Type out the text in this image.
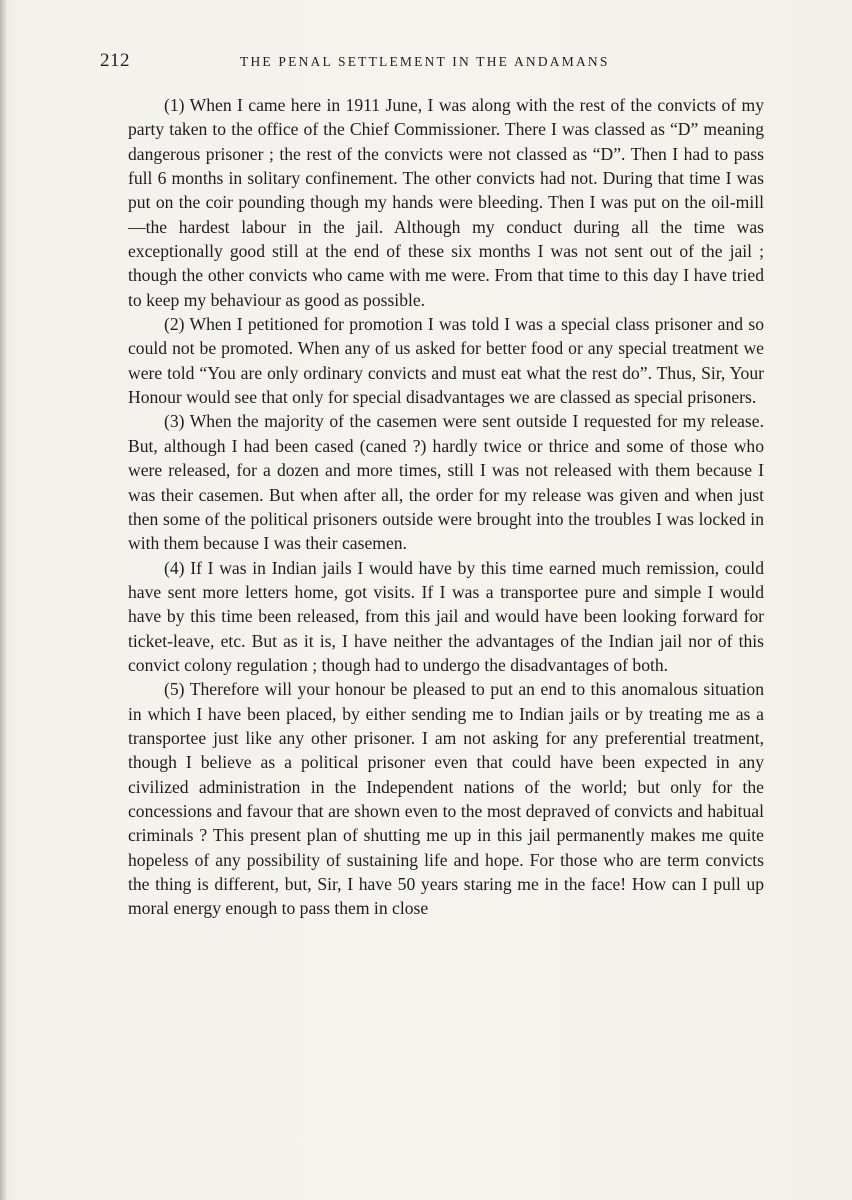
212	THE PENAL SETTLEMENT IN THE ANDAMANS

(1) When I came here in 1911 June, I was along with the rest of the convicts of my party taken to the office of the Chief Commissioner. There I was classed as “D” meaning dangerous prisoner ; the rest of the convicts were not classed as “D”. Then I had to pass full 6 months in solitary confinement. The other convicts had not. During that time I was put on the coir pounding though my hands were bleeding. Then I was put on the oil-mill—the hardest labour in the jail. Although my conduct during all the time was exceptionally good still at the end of these six months I was not sent out of the jail ; though the other convicts who came with me were. From that time to this day I have tried to keep my behaviour as good as possible.

(2) When I petitioned for promotion I was told I was a special class prisoner and so could not be promoted. When any of us asked for better food or any special treatment we were told “You are only ordinary convicts and must eat what the rest do”. Thus, Sir, Your Honour would see that only for special disadvantages we are classed as special prisoners.

(3) When the majority of the casemen were sent outside I requested for my release. But, although I had been cased (caned ?) hardly twice or thrice and some of those who were released, for a dozen and more times, still I was not released with them because I was their casemen. But when after all, the order for my release was given and when just then some of the political prisoners outside were brought into the troubles I was locked in with them because I was their casemen.

(4) If I was in Indian jails I would have by this time earned much remission, could have sent more letters home, got visits. If I was a transportee pure and simple I would have by this time been released, from this jail and would have been looking forward for ticket-leave, etc. But as it is, I have neither the advantages of the Indian jail nor of this convict colony regulation ; though had to undergo the disadvantages of both.

(5) Therefore will your honour be pleased to put an end to this anomalous situation in which I have been placed, by either sending me to Indian jails or by treating me as a transportee just like any other prisoner. I am not asking for any preferential treatment, though I believe as a political prisoner even that could have been expected in any civilized administration in the Independent nations of the world; but only for the concessions and favour that are shown even to the most depraved of convicts and habitual criminals ? This present plan of shutting me up in this jail permanently makes me quite hopeless of any possibility of sustaining life and hope. For those who are term convicts the thing is different, but, Sir, I have 50 years staring me in the face! How can I pull up moral energy enough to pass them in close
